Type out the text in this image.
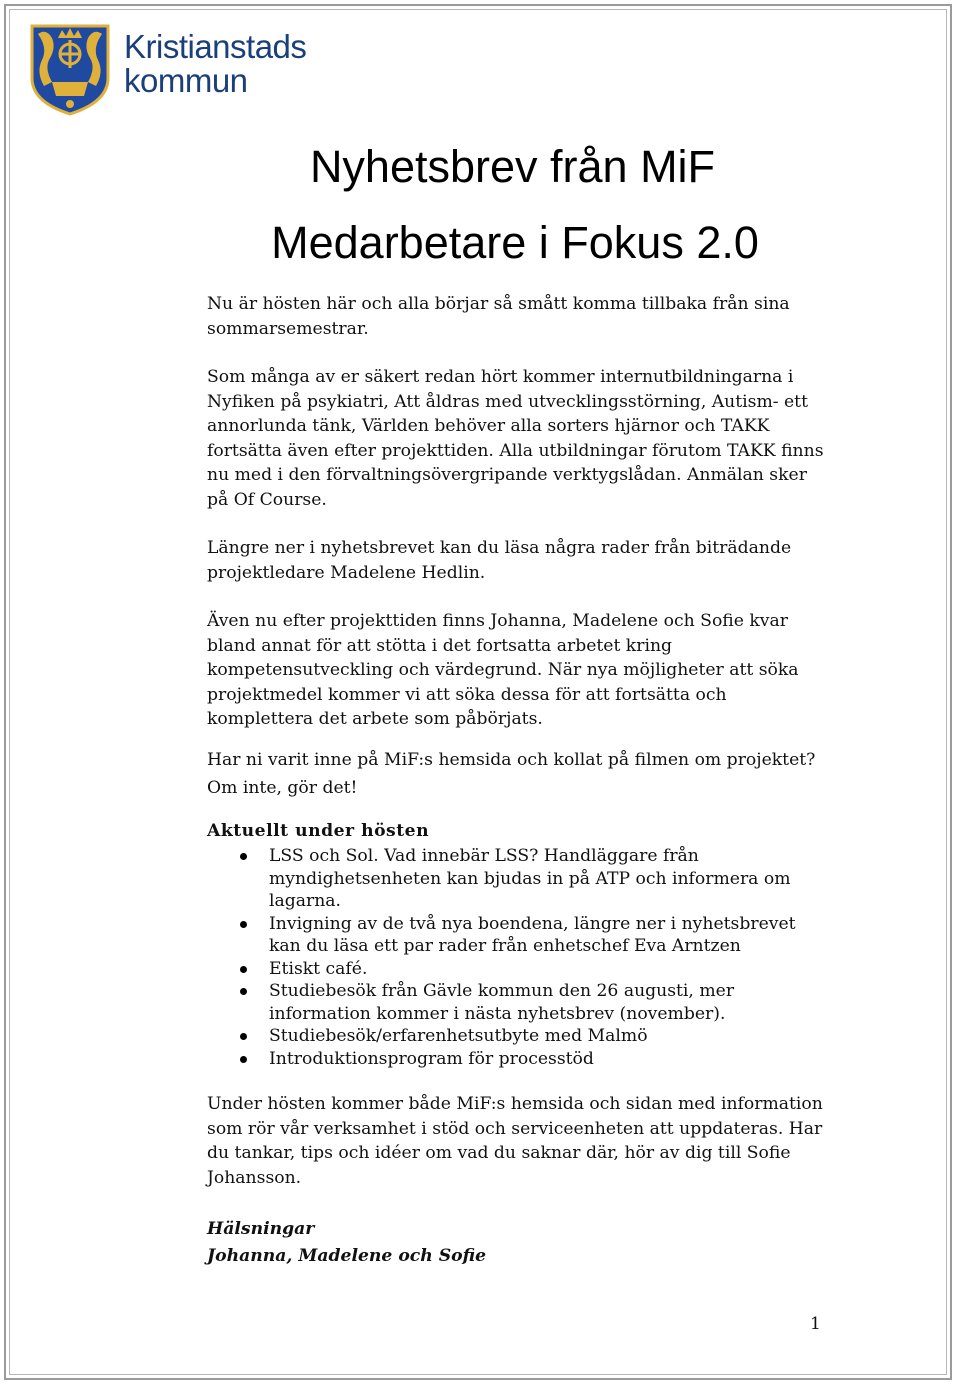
Kristianstads
kommun
Nyhetsbrev från MiF
Medarbetare i Fokus 2.0

Nu är hösten här och alla börjar så smått komma tillbaka från sina sommarsemestrar.

Som många av er säkert redan hört kommer internutbildningarna i Nyfiken på psykiatri, Att åldras med utvecklingsstörning, Autism- ett annorlunda tänk, Världen behöver alla sorters hjärnor och TAKK fortsätta även efter projekttiden. Alla utbildningar förutom TAKK finns nu med i den förvaltningsövergripande verktygslådan. Anmälan sker på Of Course.

Längre ner i nyhetsbrevet kan du läsa några rader från biträdande projektledare Madelene Hedlin.

Även nu efter projekttiden finns Johanna, Madelene och Sofie kvar bland annat för att stötta i det fortsatta arbetet kring kompetensutveckling och värdegrund. När nya möjligheter att söka projektmedel kommer vi att söka dessa för att fortsätta och komplettera det arbete som påbörjats.

Har ni varit inne på MiF:s hemsida och kollat på filmen om projektet?

Om inte, gör det!

Aktuellt under hösten

LSS och Sol. Vad innebär LSS? Handläggare från myndighetsenheten kan bjudas in på ATP och informera om lagarna.
Invigning av de två nya boendena, längre ner i nyhetsbrevet kan du läsa ett par rader från enhetschef Eva Arntzen
Etiskt café.
Studiebesök från Gävle kommun den 26 augusti, mer information kommer i nästa nyhetsbrev (november).
Studiebesök/erfarenhetsutbyte med Malmö
Introduktionsprogram för processtöd

Under hösten kommer både MiF:s hemsida och sidan med information som rör vår verksamhet i stöd och serviceenheten att uppdateras. Har du tankar, tips och idéer om vad du saknar där, hör av dig till Sofie Johansson.

Hälsningar

Johanna, Madelene och Sofie

1
